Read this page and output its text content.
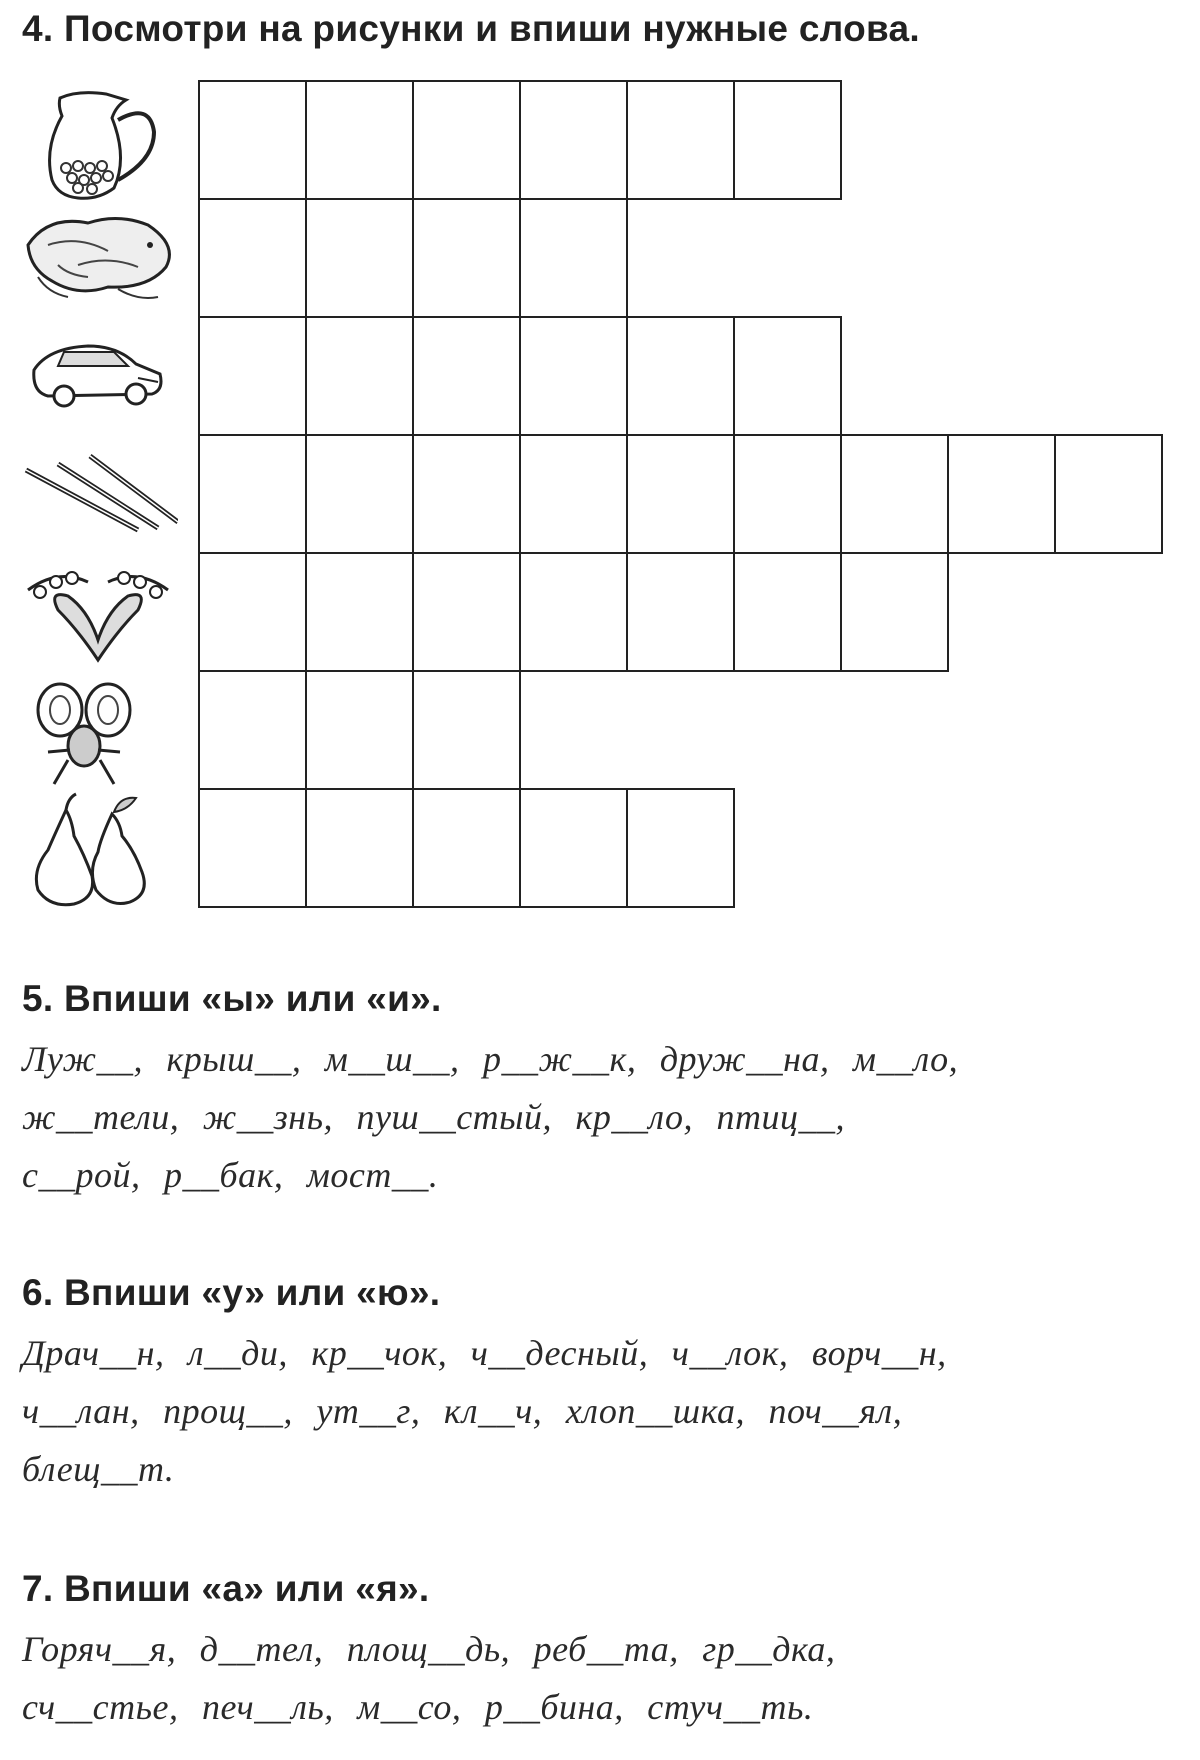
4. Посмотри на рисунки и впиши нужные слова.
5. Впиши «ы» или «и».

Луж__, крыш__, м__ш__, р__ж__к, друж__на, м__ло,

ж__тели, ж__знь, пуш__стый, кр__ло, птиц__,

с__рой, р__бак, мост__.

6. Впиши «у» или «ю».

Драч__н, л__ди, кр__чок, ч__десный, ч__лок, ворч__н,

ч__лан, прощ__, ут__г, кл__ч, хлоп__шка, поч__ял,

блещ__т.

7. Впиши «а» или «я».

Горяч__я, д__тел, площ__дь, реб__та, гр__дка,

сч__стье, печ__ль, м__со, р__бина, стуч__ть.
